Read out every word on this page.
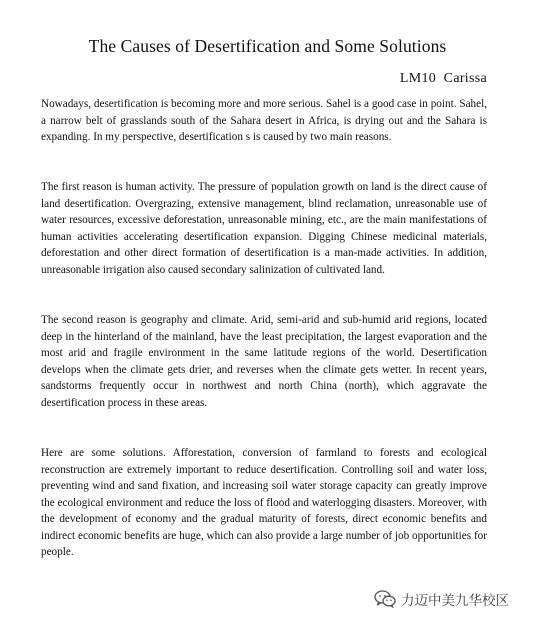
The Causes of Desertification and Some Solutions
LM10  Carissa

Nowadays, desertification is becoming more and more serious. Sahel is a good case in point. Sahel, a narrow belt of grasslands south of the Sahara desert in Africa, is drying out and the Sahara is expanding. In my perspective, desertification s is caused by two main reasons.

The first reason is human activity. The pressure of population growth on land is the direct cause of land desertification. Overgrazing, extensive management, blind reclamation, unreasonable use of water resources, excessive deforestation, unreasonable mining, etc., are the main manifestations of human activities accelerating desertification expansion. Digging Chinese medicinal materials, deforestation and other direct formation of desertification is a man-made activities. In addition, unreasonable irrigation also caused secondary salinization of cultivated land.

The second reason is geography and climate. Arid, semi-arid and sub-humid arid regions, located deep in the hinterland of the mainland, have the least precipitation, the largest evaporation and the most arid and fragile environment in the same latitude regions of the world. Desertification develops when the climate gets drier, and reverses when the climate gets wetter. In recent years, sandstorms frequently occur in northwest and north China (north), which aggravate the desertification process in these areas.

Here are some solutions. Afforestation, conversion of farmland to forests and ecological reconstruction are extremely important to reduce desertification. Controlling soil and water loss, preventing wind and sand fixation, and increasing soil water storage capacity can greatly improve the ecological environment and reduce the loss of flood and waterlogging disasters. Moreover, with the development of economy and the gradual maturity of forests, direct economic benefits and indirect economic benefits are huge, which can also provide a large number of job opportunities for people.

力迈中美九华校区
